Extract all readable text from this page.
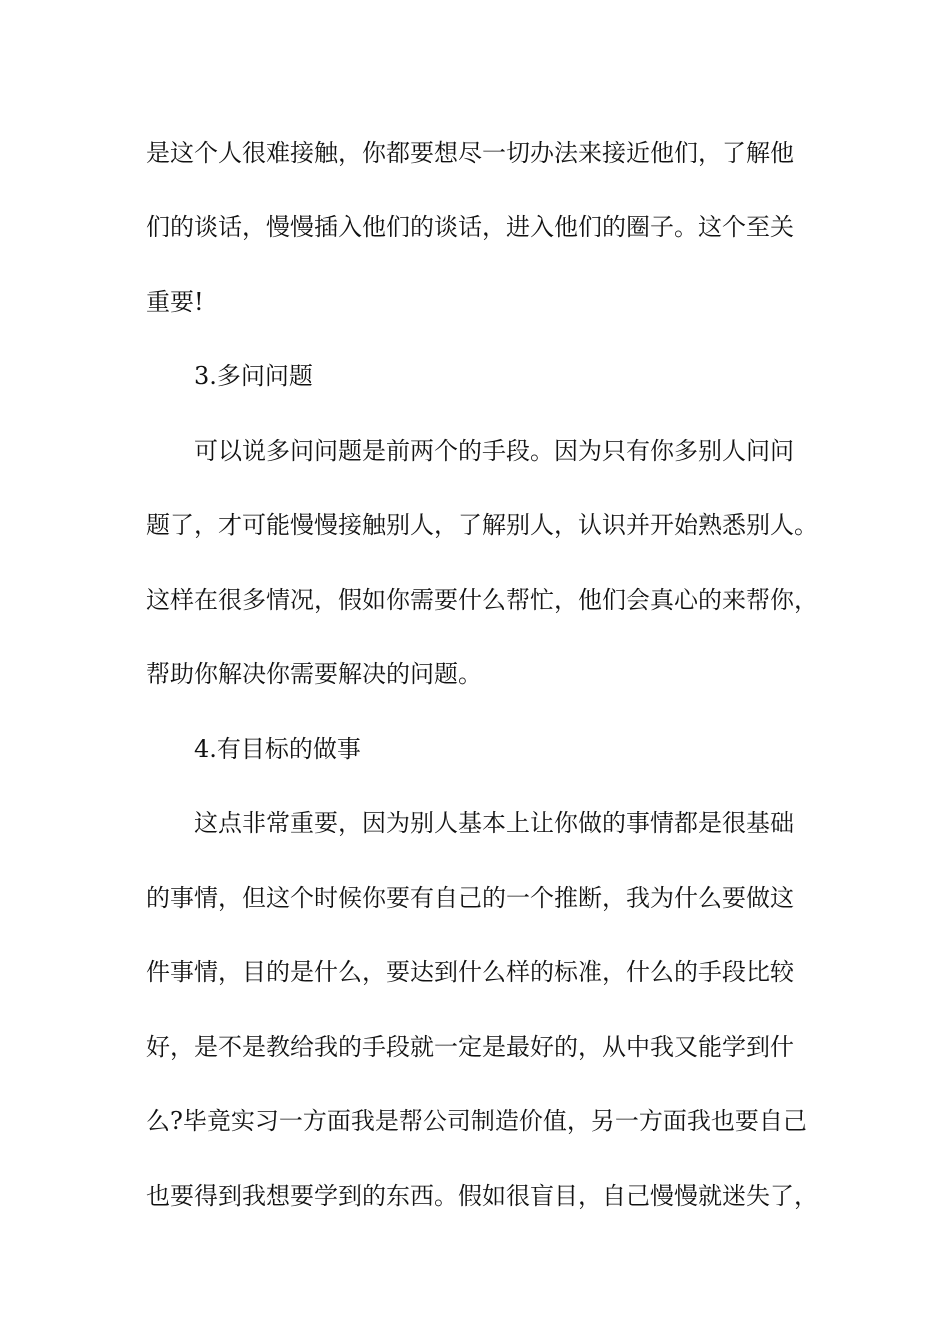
是这个人很难接触，你都要想尽一切办法来接近他们，了解他
们的谈话，慢慢插入他们的谈话，进入他们的圈子。这个至关
重要!
3.多问问题
可以说多问问题是前两个的手段。因为只有你多别人问问
题了，才可能慢慢接触别人，了解别人，认识并开始熟悉别人。
这样在很多情况，假如你需要什么帮忙，他们会真心的来帮你，
帮助你解决你需要解决的问题。
4.有目标的做事
这点非常重要，因为别人基本上让你做的事情都是很基础
的事情，但这个时候你要有自己的一个推断，我为什么要做这
件事情，目的是什么，要达到什么样的标准，什么的手段比较
好，是不是教给我的手段就一定是最好的，从中我又能学到什
么?毕竟实习一方面我是帮公司制造价值，另一方面我也要自己
也要得到我想要学到的东西。假如很盲目，自己慢慢就迷失了，
